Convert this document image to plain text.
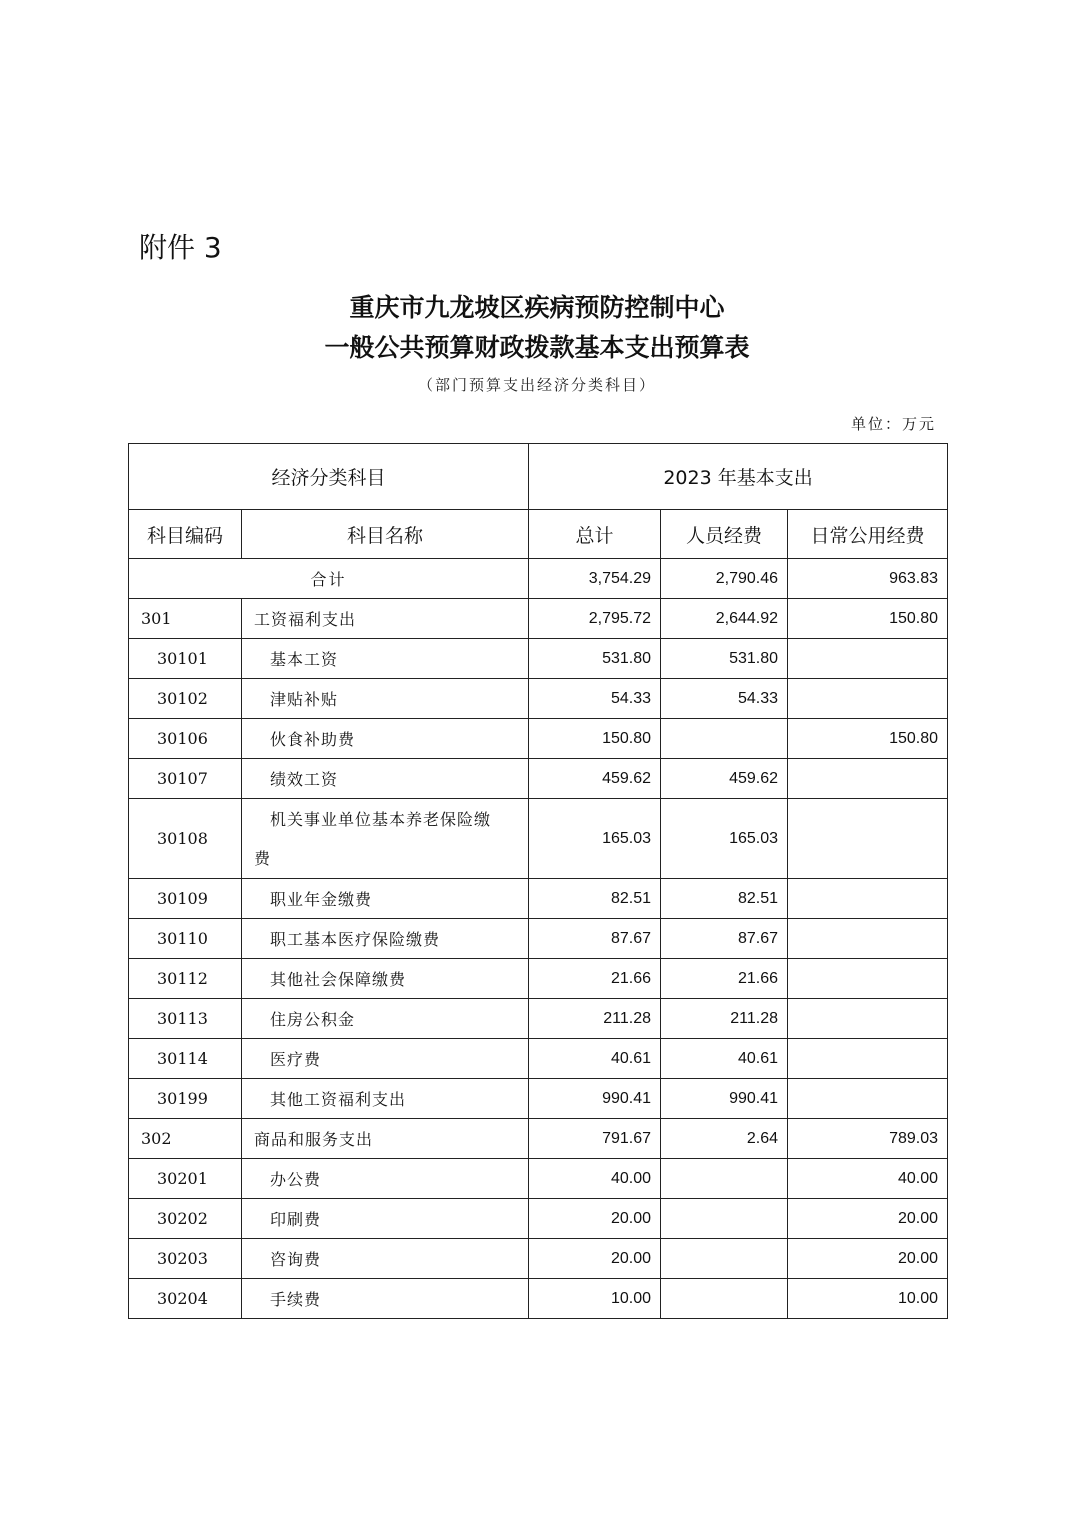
附件 3
重庆市九龙坡区疾病预防控制中心
一般公共预算财政拨款基本支出预算表
（部门预算支出经济分类科目）
单位：万元
经济分类科目		2023 年基本支出		
科目编码	科目名称	总计	人员经费	日常公用经费
合计		3,754.29	2,790.46	963.83
301	工资福利支出	2,795.72	2,644.92	150.80
30101	基本工资	531.80	531.80	
30102	津贴补贴	54.33	54.33	
30106	伙食补助费	150.80		150.80
30107	绩效工资	459.62	459.62	
30108	机关事业单位基本养老保险缴
费	165.03	165.03	
30109	职业年金缴费	82.51	82.51	
30110	职工基本医疗保险缴费	87.67	87.67	
30112	其他社会保障缴费	21.66	21.66	
30113	住房公积金	211.28	211.28	
30114	医疗费	40.61	40.61	
30199	其他工资福利支出	990.41	990.41	
302	商品和服务支出	791.67	2.64	789.03
30201	办公费	40.00		40.00
30202	印刷费	20.00		20.00
30203	咨询费	20.00		20.00
30204	手续费	10.00		10.00
